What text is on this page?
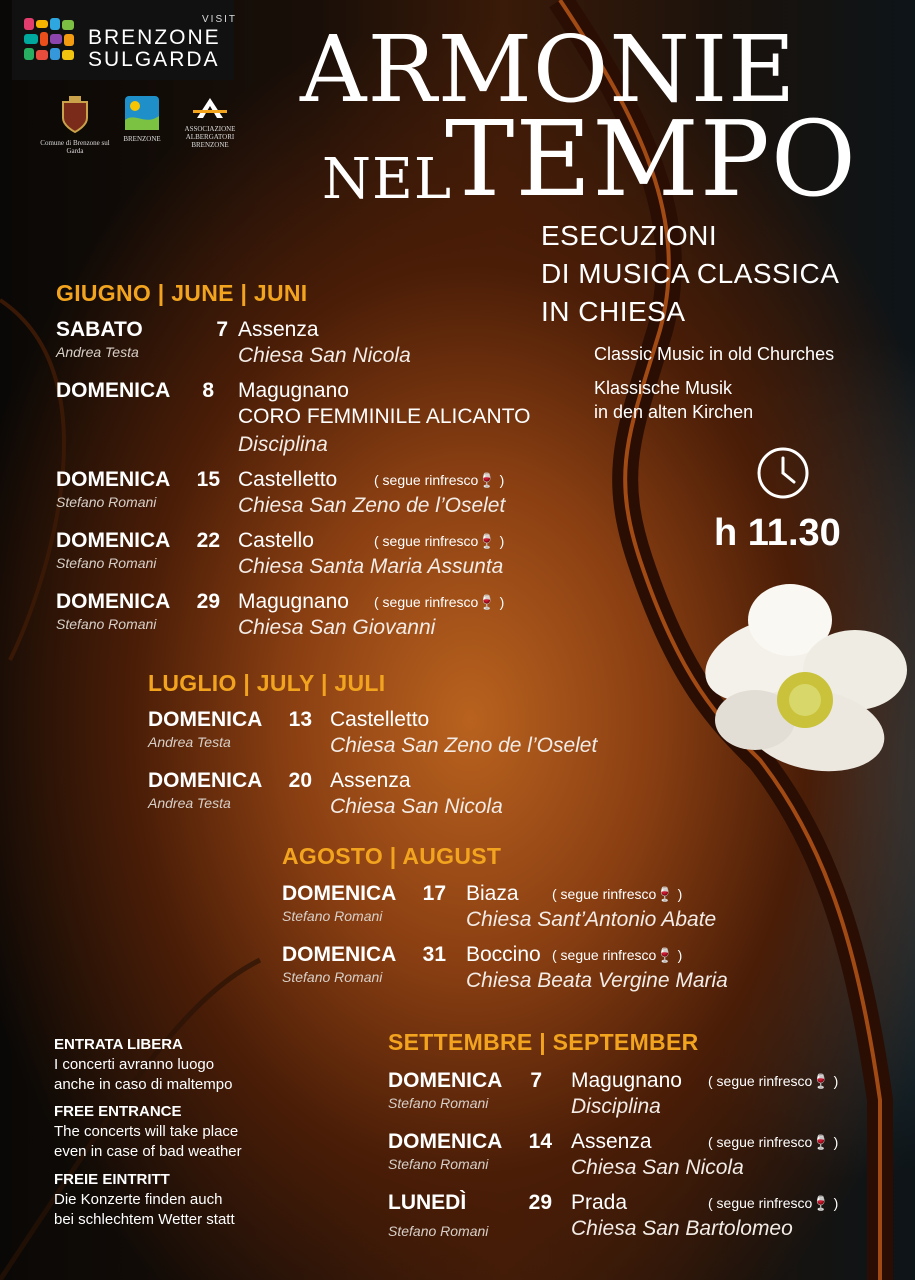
VISIT
BRENZONE
SULGARDA
Comune di Brenzone sul Garda
BRENZONE
ASSOCIAZIONE ALBERGATORI BRENZONE
ARMONIE
NEL
TEMPO
ESECUZIONI
DI MUSICA CLASSICA
IN CHIESA
Classic Music in old Churches
Klassische Musik
in den alten Kirchen
h 11.30
GIUGNO | JUNE | JUNI
LUGLIO | JULY | JULI
AGOSTO | AUGUST
SETTEMBRE | SEPTEMBER
SABATO	7 Assenza
Andrea Testa	Chiesa San Nicola
DOMENICA	8 Magugnano
CORO FEMMINILE ALICANTO
Disciplina
DOMENICA	15 Castelletto	( segue rinfresco🍷 )
Stefano Romani	Chiesa San Zeno de l’Oselet
DOMENICA	22 Castello	( segue rinfresco🍷 )
Stefano Romani	Chiesa Santa Maria Assunta
DOMENICA	29 Magugnano ( segue rinfresco🍷 )
Stefano Romani	Chiesa San Giovanni
DOMENICA	13 Castelletto
Andrea Testa	Chiesa San Zeno de l’Oselet
DOMENICA	20 Assenza
Andrea Testa	Chiesa San Nicola
DOMENICA	17 Biaza ( segue rinfresco🍷 )
Stefano Romani	Chiesa Sant’Antonio Abate
DOMENICA	31 Boccino ( segue rinfresco🍷 )
Stefano Romani	Chiesa Beata Vergine Maria
DOMENICA	7 Magugnano ( segue rinfresco🍷 )
Stefano Romani	Disciplina
DOMENICA	14 Assenza	( segue rinfresco🍷 )
Stefano Romani	Chiesa San Nicola
LUNEDÌ	29 Prada	( segue rinfresco🍷 )
Stefano Romani	Chiesa San Bartolomeo
ENTRATA LIBERA
I concerti avranno luogo
anche in caso di maltempo
FREE ENTRANCE
The concerts will take place
even in case of bad weather
FREIE EINTRITT
Die Konzerte finden auch
bei schlechtem Wetter statt
